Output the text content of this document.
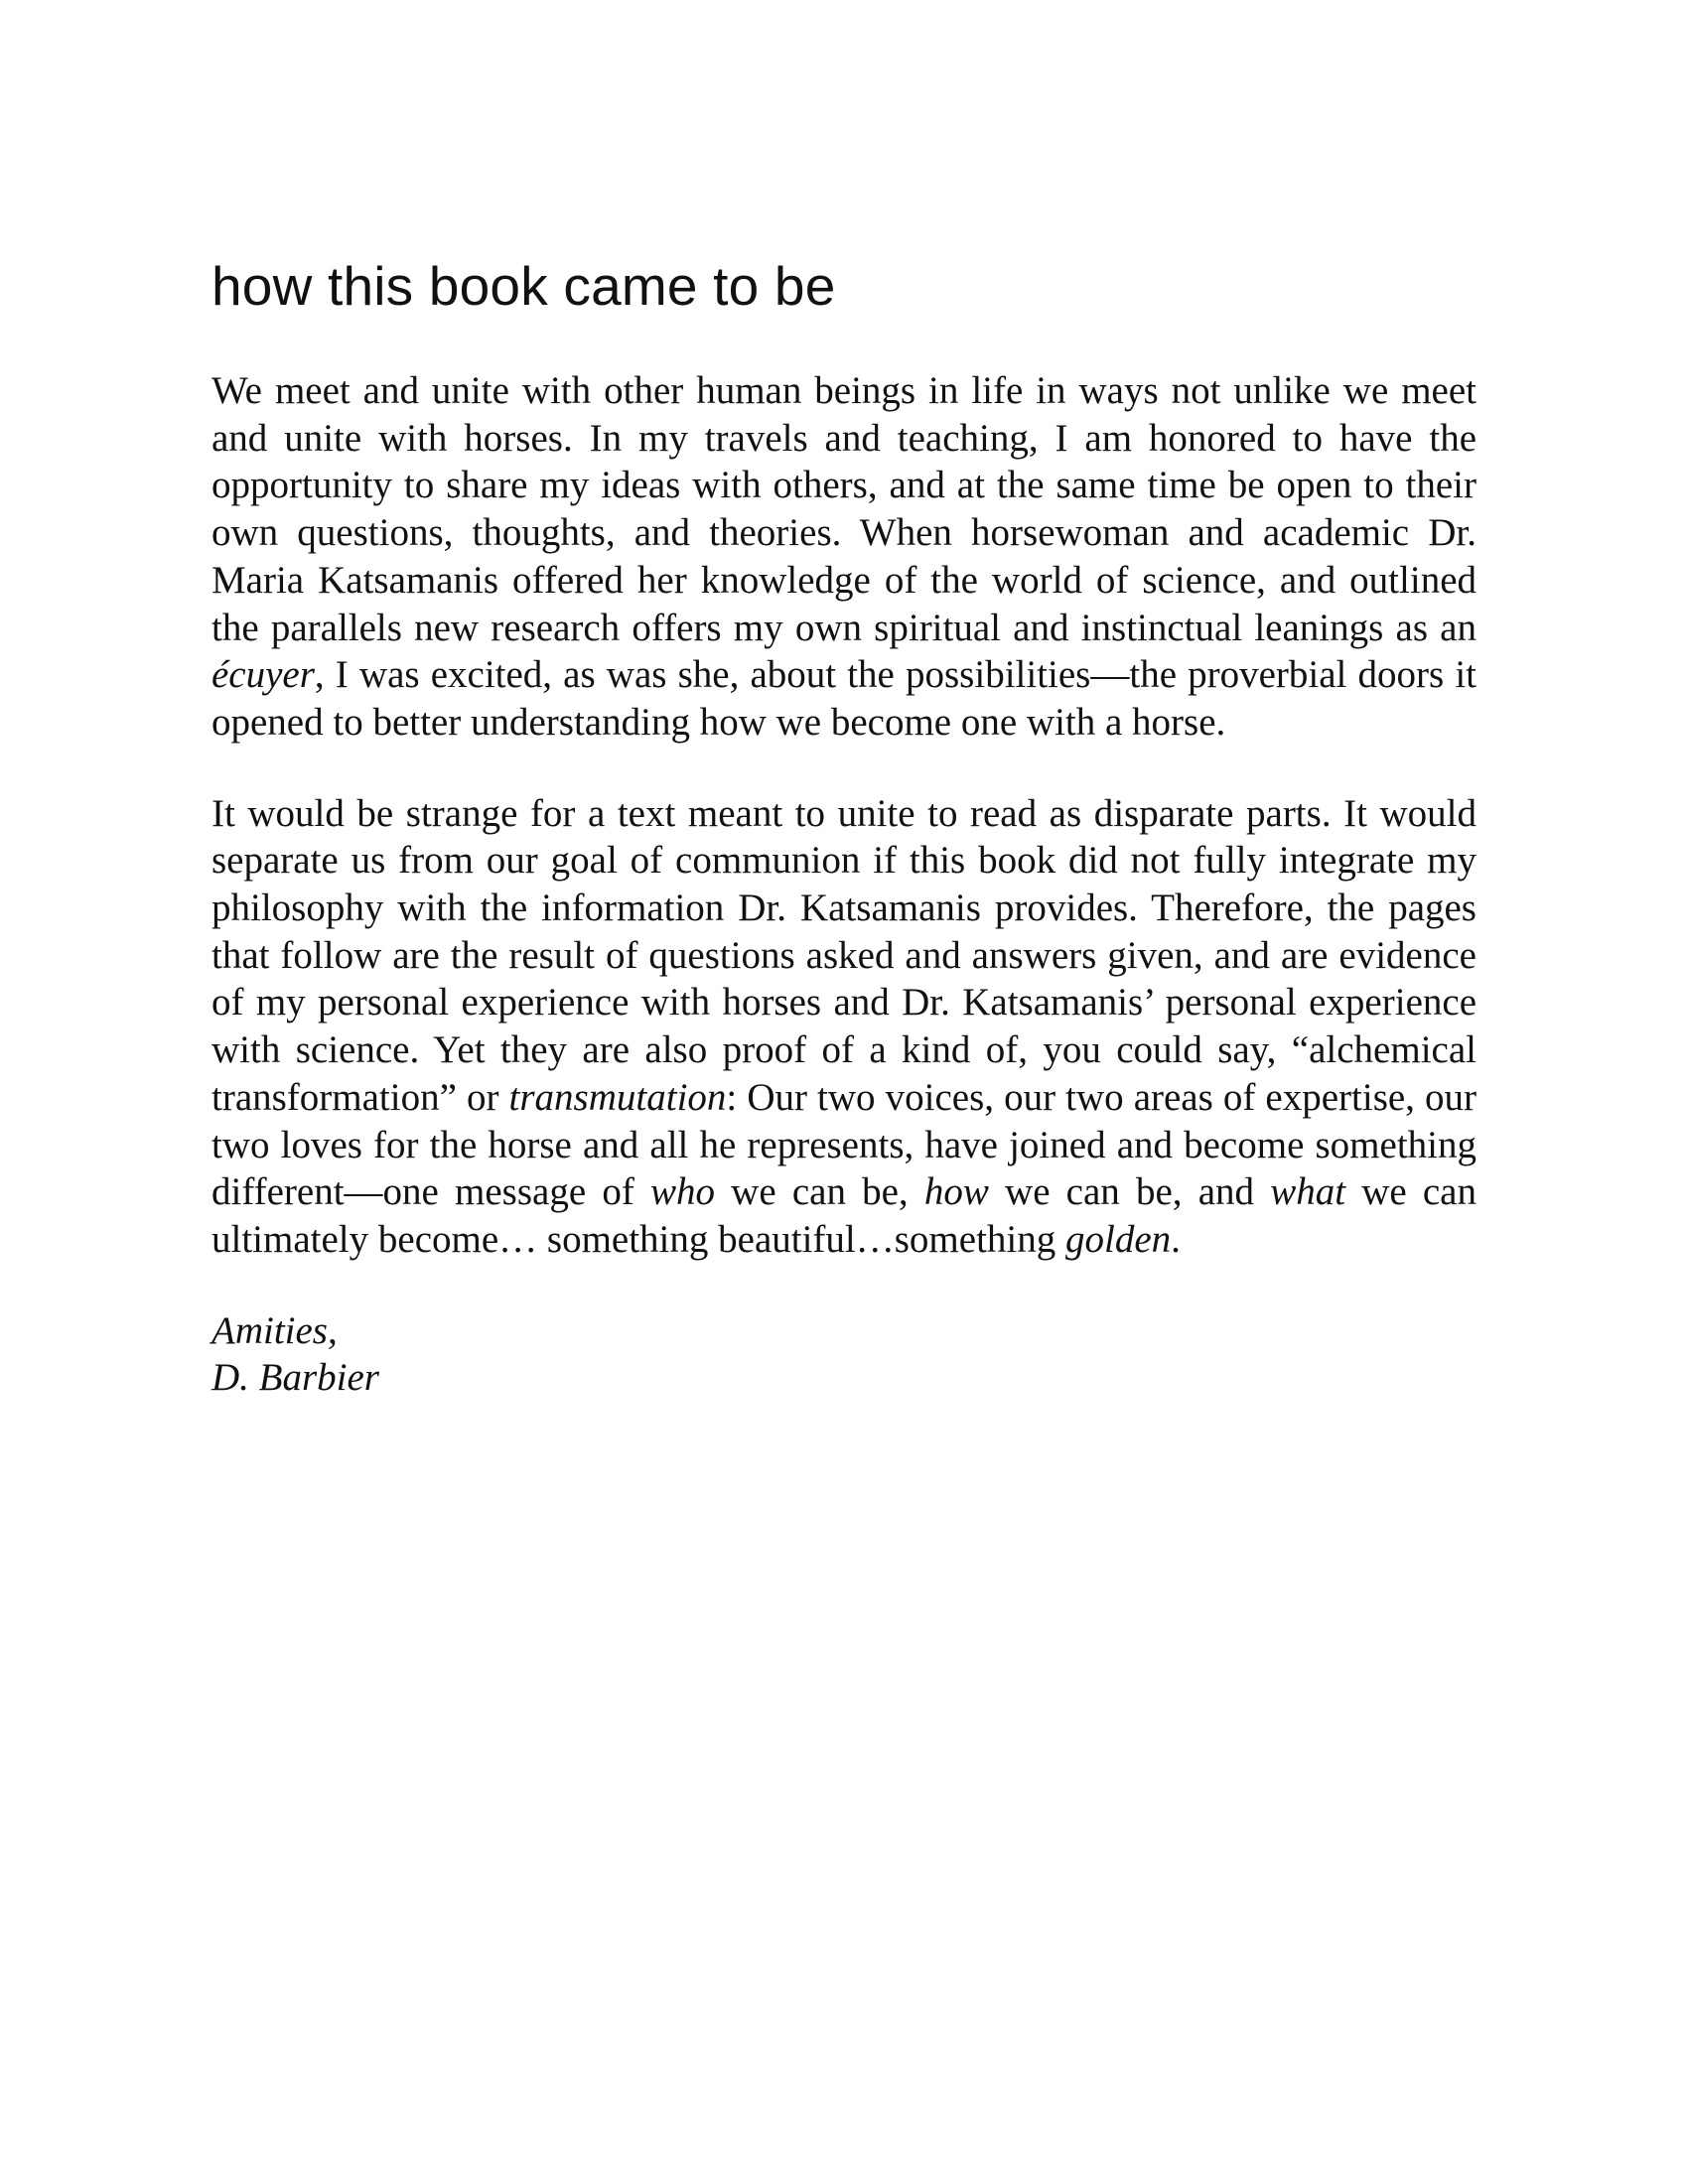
how this book came to be

We meet and unite with other human beings in life in ways not unlike we meet and unite with horses. In my travels and teaching, I am honored to have the opportunity to share my ideas with others, and at the same time be open to their own questions, thoughts, and theories. When horsewoman and academic Dr. Maria Katsamanis offered her knowledge of the world of science, and outlined the parallels new research offers my own spiritual and instinctual leanings as an écuyer, I was excited, as was she, about the possibilities—the proverbial doors it opened to better understanding how we become one with a horse.

It would be strange for a text meant to unite to read as disparate parts. It would separate us from our goal of communion if this book did not fully integrate my philosophy with the information Dr. Katsamanis provides. Therefore, the pages that follow are the result of questions asked and answers given, and are evidence of my personal experience with horses and Dr. Katsamanis’ personal experience with science. Yet they are also proof of a kind of, you could say, “alchemical transformation” or transmutation: Our two voices, our two areas of expertise, our two loves for the horse and all he represents, have joined and become something different—one message of who we can be, how we can be, and what we can ultimately become… something beautiful…something golden.

Amities,
D. Barbier
